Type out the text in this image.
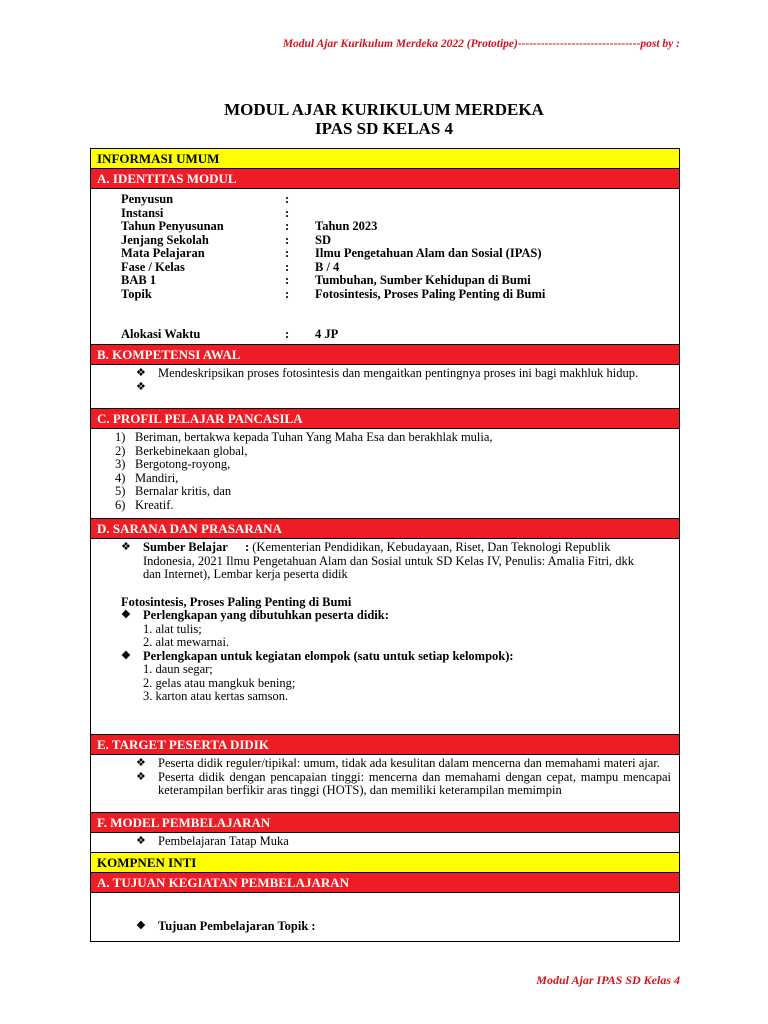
Modul Ajar Kurikulum Merdeka 2022 (Prototipe)--------------------------------post by :
MODUL AJAR KURIKULUM MERDEKA
IPAS SD KELAS 4
INFORMASI UMUM
A. IDENTITAS MODUL
Penyusun	:
Instansi	:
Tahun Penyusunan	:	Tahun 2023
Jenjang Sekolah	:	SD
Mata Pelajaran	:	Ilmu Pengetahuan Alam dan Sosial (IPAS)
Fase / Kelas	:	B / 4
BAB 1	:	Tumbuhan, Sumber Kehidupan di Bumi
Topik	:	Fotosintesis, Proses Paling Penting di Bumi
Alokasi Waktu	:	4 JP
B. KOMPETENSI AWAL
❖ Mendeskripsikan proses fotosintesis dan mengaitkan pentingnya proses ini bagi makhluk hidup.
❖
C. PROFIL PELAJAR PANCASILA
1) Beriman, bertakwa kepada Tuhan Yang Maha Esa dan berakhlak mulia,
2) Berkebinekaan global,
3) Bergotong-royong,
4) Mandiri,
5) Bernalar kritis, dan
6) Kreatif.
D. SARANA DAN PRASARANA
❖ Sumber Belajar : (Kementerian Pendidikan, Kebudayaan, Riset, Dan Teknologi Republik Indonesia, 2021 Ilmu Pengetahuan Alam dan Sosial untuk SD Kelas IV, Penulis: Amalia Fitri, dkk dan Internet), Lembar kerja peserta didik
Fotosintesis, Proses Paling Penting di Bumi
❖ Perlengkapan yang dibutuhkan peserta didik:
1. alat tulis;
2. alat mewarnai.
❖ Perlengkapan untuk kegiatan elompok (satu untuk setiap kelompok):
1. daun segar;
2. gelas atau mangkuk bening;
3. karton atau kertas samson.
E. TARGET PESERTA DIDIK
❖ Peserta didik reguler/tipikal: umum, tidak ada kesulitan dalam mencerna dan memahami materi ajar.
❖ Peserta didik dengan pencapaian tinggi: mencerna dan memahami dengan cepat, mampu mencapai keterampilan berfikir aras tinggi (HOTS), dan memiliki keterampilan memimpin
F. MODEL PEMBELAJARAN
❖ Pembelajaran Tatap Muka
KOMPNEN INTI
A. TUJUAN KEGIATAN PEMBELAJARAN
❖ Tujuan Pembelajaran Topik :
Modul Ajar IPAS SD Kelas 4
